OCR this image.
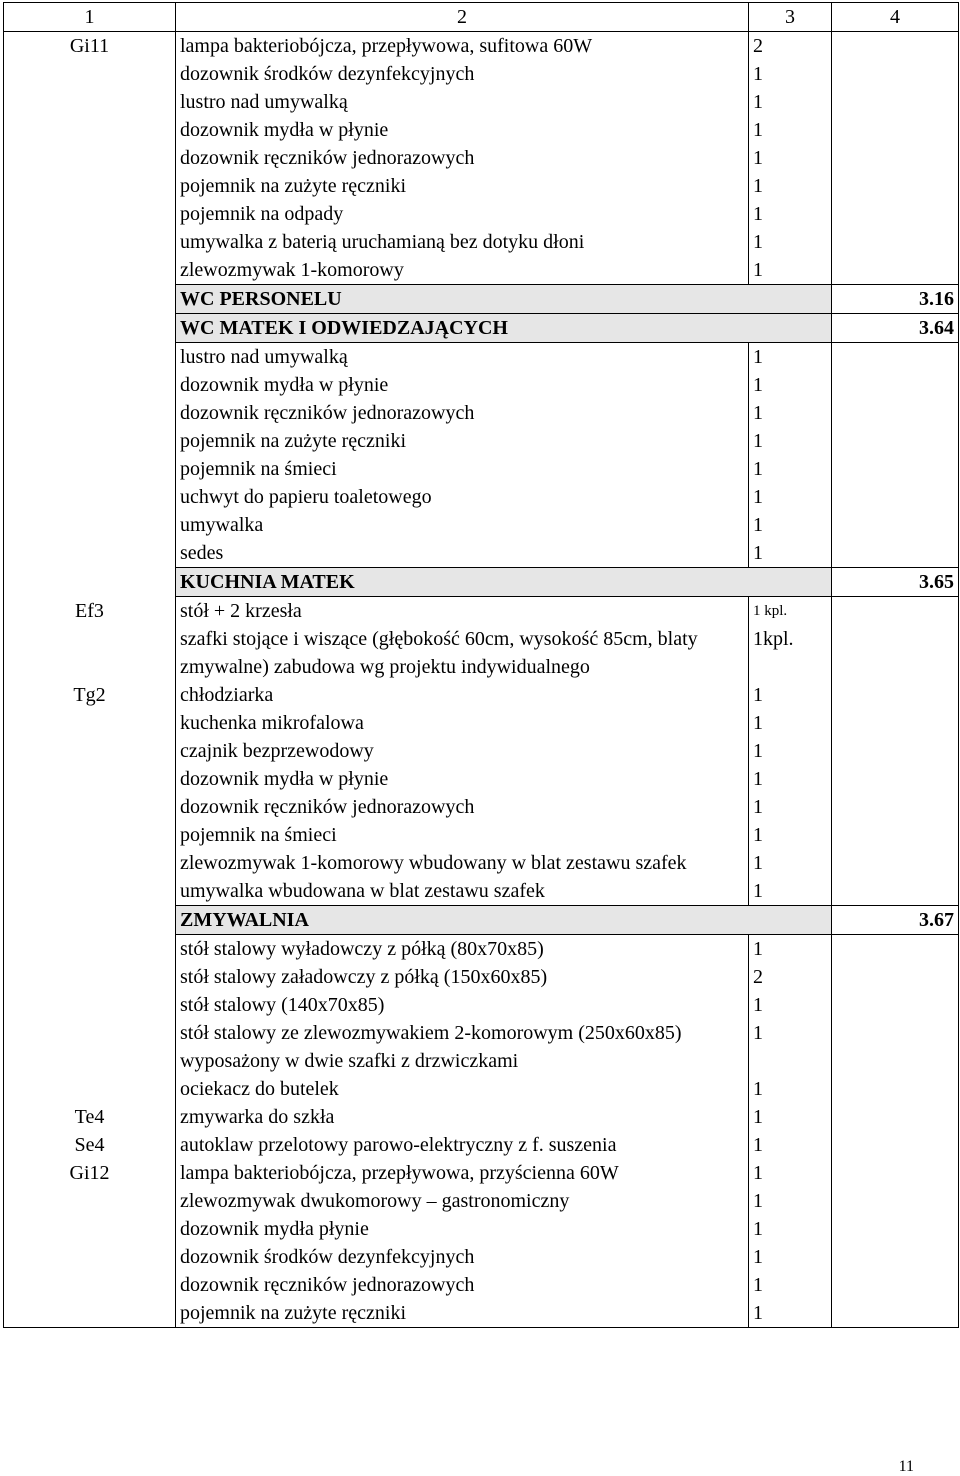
1	2	3	4
Gi11	lampa bakteriobójcza, przepływowa, sufitowa 60W	2	
	dozownik środków dezynfekcyjnych	1	
	lustro nad umywalką	1	
	dozownik mydła w płynie	1	
	dozownik ręczników jednorazowych	1	
	pojemnik na zużyte ręczniki	1	
	pojemnik na odpady	1	
	umywalka z baterią uruchamianą bez dotyku dłoni	1	
	zlewozmywak 1-komorowy	1	
	WC PERSONELU		3.16
	WC MATEK I ODWIEDZAJĄCYCH		3.64
	lustro nad umywalką	1	
	dozownik mydła w płynie	1	
	dozownik ręczników jednorazowych	1	
	pojemnik na zużyte ręczniki	1	
	pojemnik na śmieci	1	
	uchwyt do papieru toaletowego	1	
	umywalka	1	
	sedes	1	
	KUCHNIA MATEK		3.65
Ef3	stół + 2 krzesła	1 kpl.	
	szafki stojące i wiszące (głębokość 60cm, wysokość 85cm, blaty zmywalne) zabudowa wg projektu indywidualnego	1kpl.	
Tg2	chłodziarka	1	
	kuchenka mikrofalowa	1	
	czajnik bezprzewodowy	1	
	dozownik mydła w płynie	1	
	dozownik ręczników jednorazowych	1	
	pojemnik na śmieci	1	
	zlewozmywak 1-komorowy wbudowany w blat zestawu szafek	1	
	umywalka wbudowana w blat zestawu szafek	1	
	ZMYWALNIA		3.67
	stół stalowy wyładowczy z półką (80x70x85)	1	
	stół stalowy załadowczy z półką (150x60x85)	2	
	stół stalowy (140x70x85)	1	
	stół stalowy ze zlewozmywakiem 2-komorowym (250x60x85) wyposażony w dwie szafki z drzwiczkami	1	
	ociekacz do butelek	1	
Te4	zmywarka do szkła	1	
Se4	autoklaw przelotowy parowo-elektryczny z f. suszenia	1	
Gi12	lampa bakteriobójcza, przepływowa, przyścienna 60W	1	
	zlewozmywak dwukomorowy – gastronomiczny	1	
	dozownik mydła płynie	1	
	dozownik środków dezynfekcyjnych	1	
	dozownik ręczników jednorazowych	1	
	pojemnik na zużyte ręczniki	1	
11
